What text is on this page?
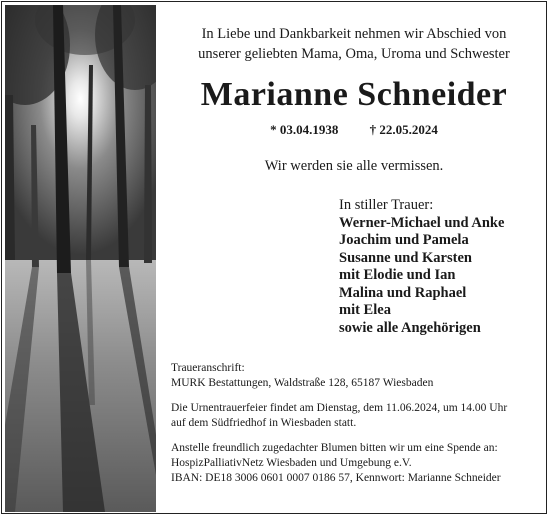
In Liebe und Dankbarkeit nehmen wir Abschied von
unserer geliebten Mama, Oma, Uroma und Schwester
Marianne Schneider
* 03.04.1938 † 22.05.2024
Wir werden sie alle vermissen.
In stiller Trauer:
Werner-Michael und Anke
Joachim und Pamela
Susanne und Karsten
mit Elodie und Ian
Malina und Raphael
mit Elea
sowie alle Angehörigen

Traueranschrift:
MURK Bestattungen, Waldstraße 128, 65187 Wiesbaden

Die Urnentrauerfeier findet am Dienstag, dem 11.06.2024, um 14.00 Uhr
auf dem Südfriedhof in Wiesbaden statt.

Anstelle freundlich zugedachter Blumen bitten wir um eine Spende an:
HospizPalliativNetz Wiesbaden und Umgebung e.V.
IBAN: DE18 3006 0601 0007 0186 57, Kennwort: Marianne Schneider
